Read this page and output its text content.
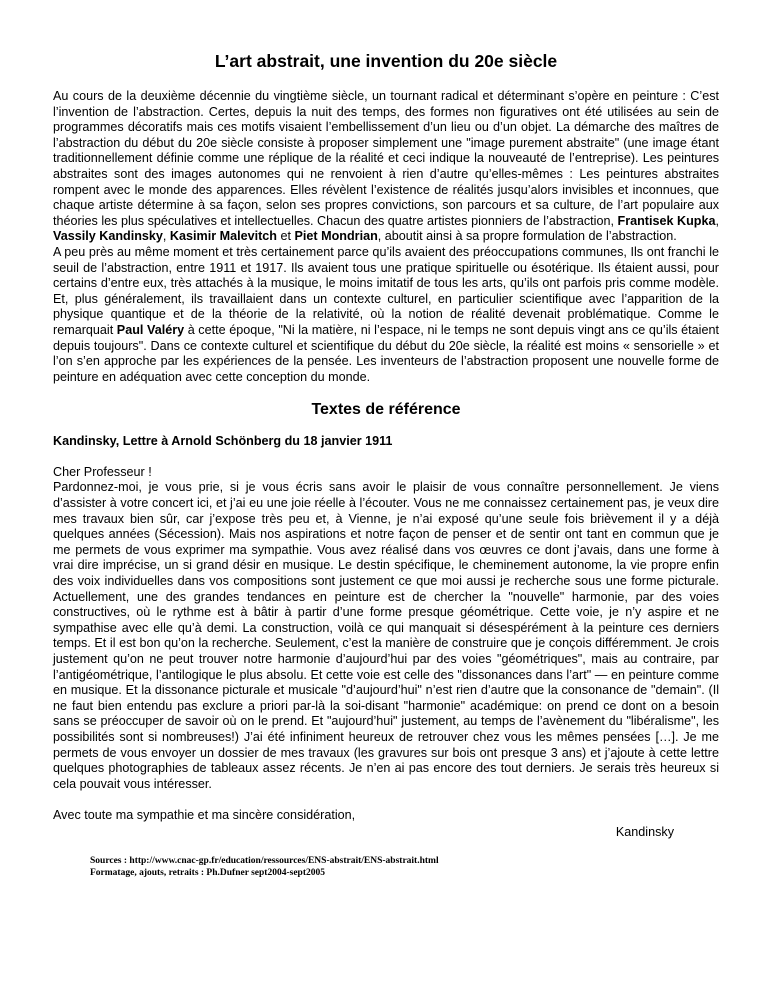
L’art abstrait, une invention du 20e siècle

Au cours de la deuxième décennie du vingtième siècle, un tournant radical et déterminant s’opère en peinture : C’est l’invention de l’abstraction. Certes, depuis la nuit des temps, des formes non figuratives ont été utilisées au sein de programmes décoratifs mais ces motifs visaient l’embellissement d’un lieu ou d’un objet. La démarche des maîtres de l’abstraction du début du 20e siècle consiste à proposer simplement une "image purement abstraite" (une image étant traditionnellement définie comme une réplique de la réalité et ceci indique la nouveauté de l’entreprise). Les peintures abstraites sont des images autonomes qui ne renvoient à rien d’autre qu’elles-mêmes : Les peintures abstraites rompent avec le monde des apparences. Elles révèlent l’existence de réalités jusqu’alors invisibles et inconnues, que chaque artiste détermine à sa façon, selon ses propres convictions, son parcours et sa culture, de l’art populaire aux théories les plus spéculatives et intellectuelles. Chacun des quatre artistes pionniers de l’abstraction, Frantisek Kupka, Vassily Kandinsky, Kasimir Malevitch et Piet Mondrian, aboutit ainsi à sa propre formulation de l’abstraction.

A peu près au même moment et très certainement parce qu’ils avaient des préoccupations communes, Ils ont franchi le seuil de l’abstraction, entre 1911 et 1917. Ils avaient tous une pratique spirituelle ou ésotérique. Ils étaient aussi, pour certains d’entre eux, très attachés à la musique, le moins imitatif de tous les arts, qu’ils ont parfois pris comme modèle. Et, plus généralement, ils travaillaient dans un contexte culturel, en particulier scientifique avec l’apparition de la physique quantique et de la théorie de la relativité, où la notion de réalité devenait problématique. Comme le remarquait Paul Valéry à cette époque, "Ni la matière, ni l’espace, ni le temps ne sont depuis vingt ans ce qu’ils étaient depuis toujours". Dans ce contexte culturel et scientifique du début du 20e siècle, la réalité est moins « sensorielle » et l’on s’en approche par les expériences de la pensée. Les inventeurs de l’abstraction proposent une nouvelle forme de peinture en adéquation avec cette conception du monde.

Textes de référence

Kandinsky, Lettre à Arnold Schönberg du 18 janvier 1911

Cher Professeur !

Pardonnez-moi, je vous prie, si je vous écris sans avoir le plaisir de vous connaître personnellement. Je viens d’assister à votre concert ici, et j’ai eu une joie réelle à l’écouter. Vous ne me connaissez certainement pas, je veux dire mes travaux bien sûr, car j’expose très peu et, à Vienne, je n’ai exposé qu’une seule fois brièvement il y a déjà quelques années (Sécession). Mais nos aspirations et notre façon de penser et de sentir ont tant en commun que je me permets de vous exprimer ma sympathie. Vous avez réalisé dans vos œuvres ce dont j’avais, dans une forme à vrai dire imprécise, un si grand désir en musique. Le destin spécifique, le cheminement autonome, la vie propre enfin des voix individuelles dans vos compositions sont justement ce que moi aussi je recherche sous une forme picturale. Actuellement, une des grandes tendances en peinture est de chercher la "nouvelle" harmonie, par des voies constructives, où le rythme est à bâtir à partir d’une forme presque géométrique. Cette voie, je n’y aspire et ne sympathise avec elle qu’à demi. La construction, voilà ce qui manquait si désespérément à la peinture ces derniers temps. Et il est bon qu’on la recherche. Seulement, c’est la manière de construire que je conçois différemment. Je crois justement qu’on ne peut trouver notre harmonie d’aujourd’hui par des voies "géométriques", mais au contraire, par l’antigéométrique, l’antilogique le plus absolu. Et cette voie est celle des "dissonances dans l’art" — en peinture comme en musique. Et la dissonance picturale et musicale "d’aujourd’hui" n’est rien d’autre que la consonance de "demain". (Il ne faut bien entendu pas exclure a priori par-là la soi-disant "harmonie" académique: on prend ce dont on a besoin sans se préoccuper de savoir où on le prend. Et "aujourd’hui" justement, au temps de l’avènement du "libéralisme", les possibilités sont si nombreuses!) J’ai été infiniment heureux de retrouver chez vous les mêmes pensées […]. Je me permets de vous envoyer un dossier de mes travaux (les gravures sur bois ont presque 3 ans) et j’ajoute à cette lettre quelques photographies de tableaux assez récents. Je n’en ai pas encore des tout derniers. Je serais très heureux si cela pouvait vous intéresser.

Avec toute ma sympathie et ma sincère considération,

Kandinsky

Sources : http://www.cnac-gp.fr/education/ressources/ENS-abstrait/ENS-abstrait.html
Formatage, ajouts, retraits : Ph.Dufner sept2004-sept2005
